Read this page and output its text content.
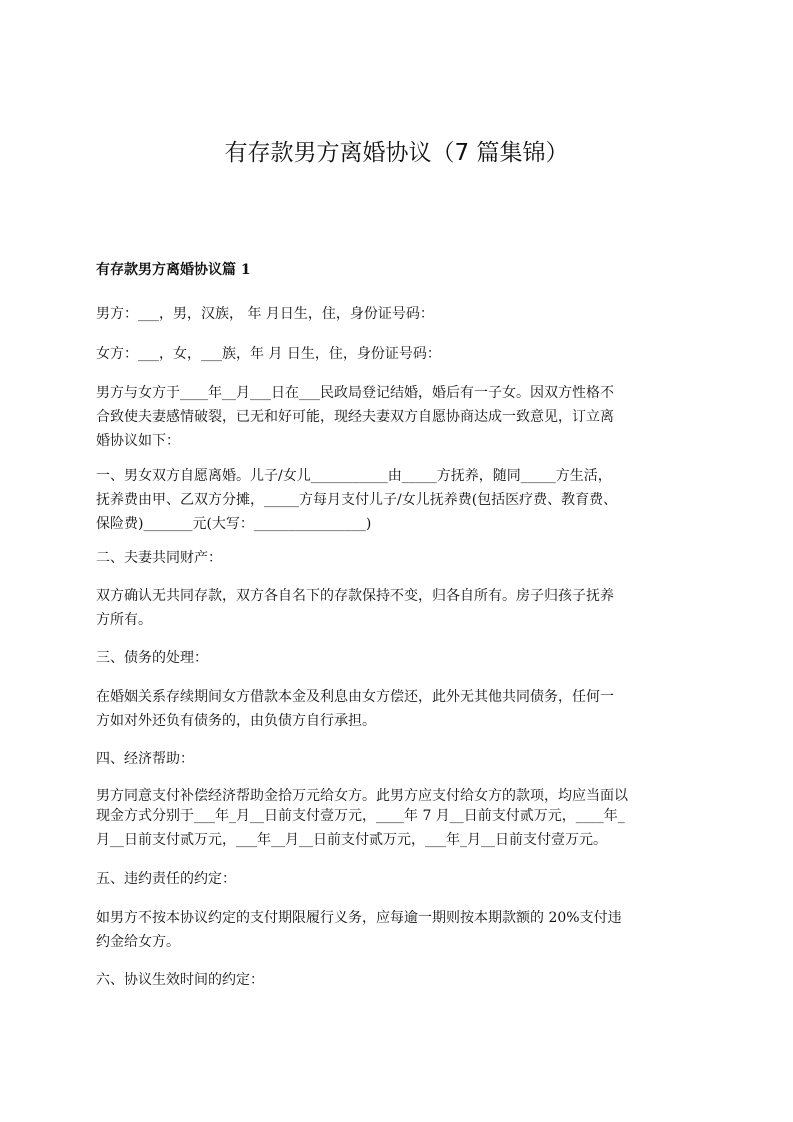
有存款男方离婚协议（7 篇集锦）
有存款男方离婚协议篇 1
男方：___，男，汉族， 年 月日生，住，身份证号码：
女方：___，女，___族，年 月 日生，住，身份证号码：
男方与女方于____年__月___日在___民政局登记结婚，婚后有一子女。因双方性格不
合致使夫妻感情破裂，已无和好可能，现经夫妻双方自愿协商达成一致意见，订立离
婚协议如下：
一、男女双方自愿离婚。儿子/女儿___________由_____方抚养，随同_____方生活，
抚养费由甲、乙双方分摊，_____方每月支付儿子/女儿抚养费(包括医疗费、教育费、
保险费)_______元(大写：________________)
二、夫妻共同财产：
双方确认无共同存款，双方各自名下的存款保持不变，归各自所有。房子归孩子抚养
方所有。
三、债务的处理：
在婚姻关系存续期间女方借款本金及利息由女方偿还，此外无其他共同债务，任何一
方如对外还负有债务的，由负债方自行承担。
四、经济帮助：
男方同意支付补偿经济帮助金拾万元给女方。此男方应支付给女方的款项，均应当面以
现金方式分别于___年_月__日前支付壹万元，____年 7 月__日前支付贰万元，____年_
月__日前支付贰万元，___年__月__日前支付贰万元，___年_月__日前支付壹万元。
五、违约责任的约定：
如男方不按本协议约定的支付期限履行义务，应每逾一期则按本期款额的 20%支付违
约金给女方。
六、协议生效时间的约定：
